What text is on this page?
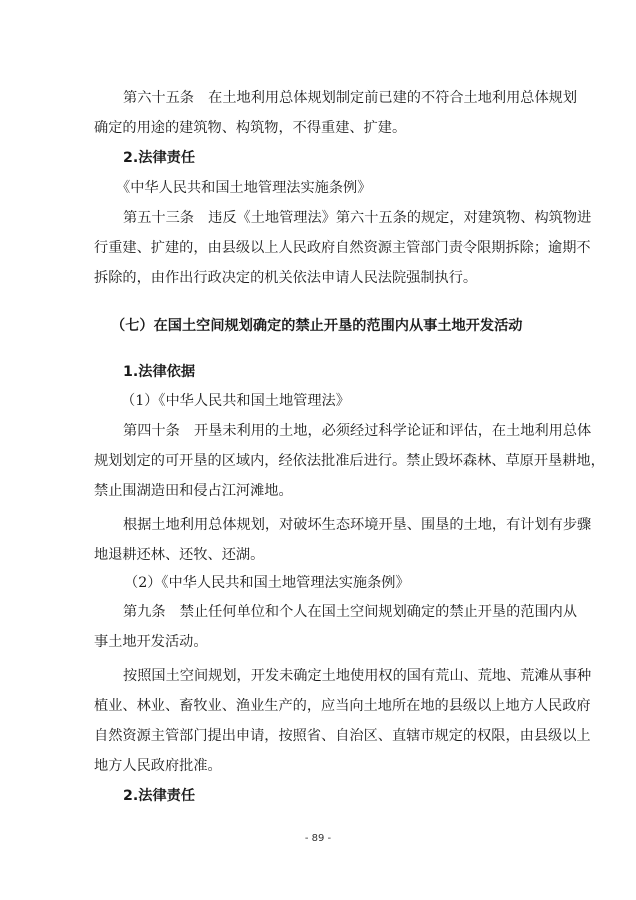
第六十五条　在土地利用总体规划制定前已建的不符合土地利用总体规划
确定的用途的建筑物、构筑物，不得重建、扩建。
2.法律责任
《中华人民共和国土地管理法实施条例》
第五十三条　违反《土地管理法》第六十五条的规定，对建筑物、构筑物进
行重建、扩建的，由县级以上人民政府自然资源主管部门责令限期拆除；逾期不
拆除的，由作出行政决定的机关依法申请人民法院强制执行。
（七）在国土空间规划确定的禁止开垦的范围内从事土地开发活动
1.法律依据
（1）《中华人民共和国土地管理法》
第四十条　开垦未利用的土地，必须经过科学论证和评估，在土地利用总体
规划划定的可开垦的区域内，经依法批准后进行。禁止毁坏森林、草原开垦耕地，
禁止围湖造田和侵占江河滩地。
根据土地利用总体规划，对破坏生态环境开垦、围垦的土地，有计划有步骤
地退耕还林、还牧、还湖。
（2）《中华人民共和国土地管理法实施条例》
第九条　禁止任何单位和个人在国土空间规划确定的禁止开垦的范围内从
事土地开发活动。
按照国土空间规划，开发未确定土地使用权的国有荒山、荒地、荒滩从事种
植业、林业、畜牧业、渔业生产的，应当向土地所在地的县级以上地方人民政府
自然资源主管部门提出申请，按照省、自治区、直辖市规定的权限，由县级以上
地方人民政府批准。
2.法律责任
- 89 -
